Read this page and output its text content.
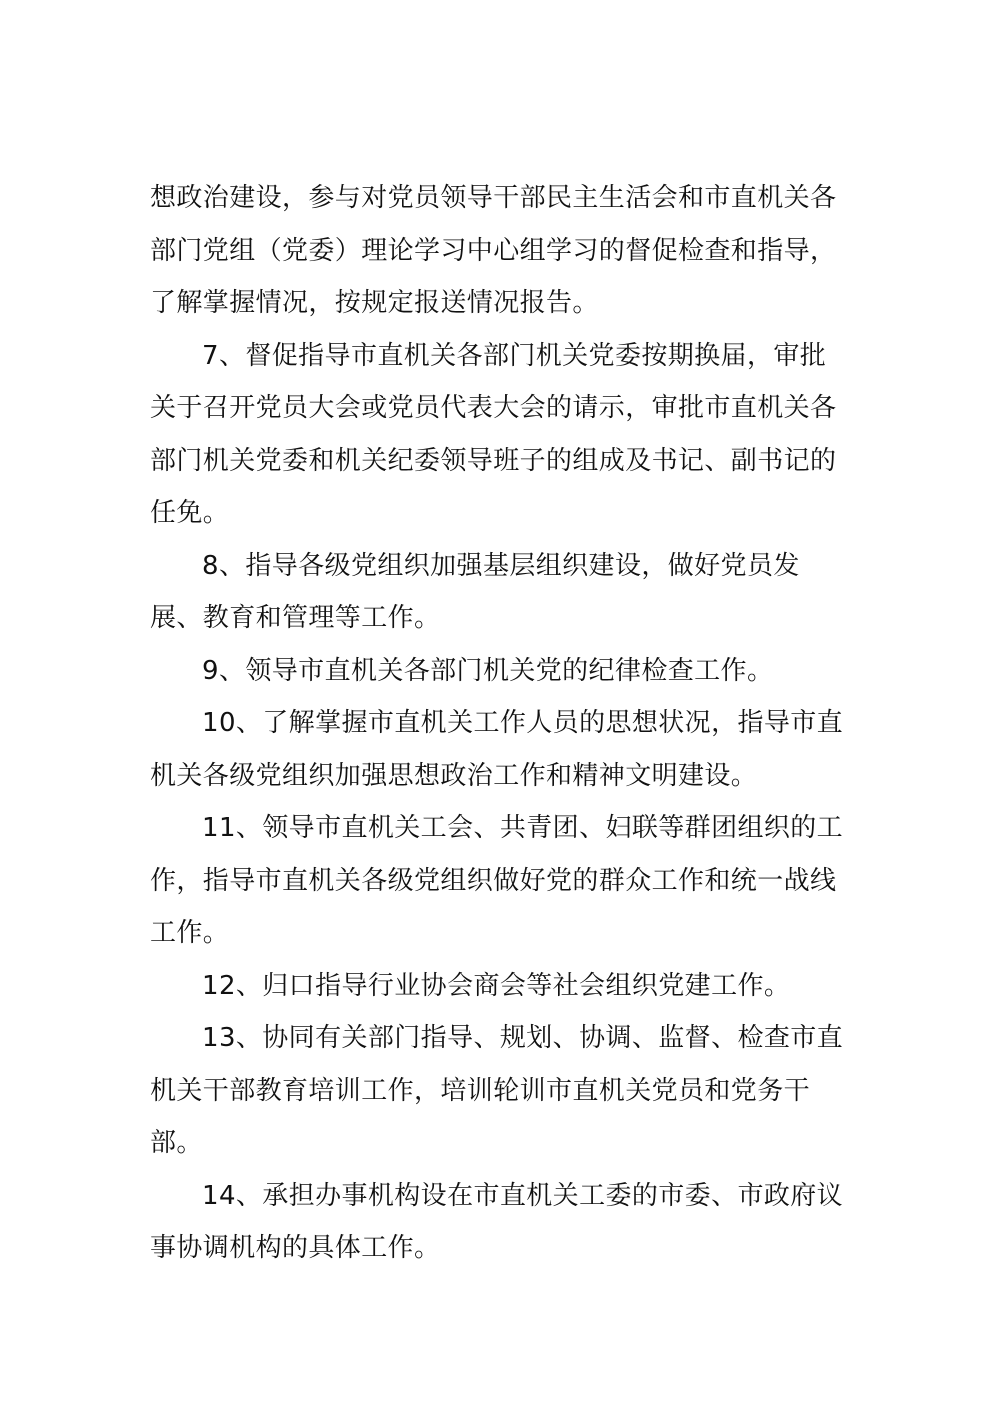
想政治建设，参与对党员领导干部民主生活会和市直机关各部门党组（党委）理论学习中心组学习的督促检查和指导，了解掌握情况，按规定报送情况报告。

7、督促指导市直机关各部门机关党委按期换届，审批关于召开党员大会或党员代表大会的请示，审批市直机关各部门机关党委和机关纪委领导班子的组成及书记、副书记的任免。

8、指导各级党组织加强基层组织建设，做好党员发展、教育和管理等工作。

9、领导市直机关各部门机关党的纪律检查工作。

10、了解掌握市直机关工作人员的思想状况，指导市直机关各级党组织加强思想政治工作和精神文明建设。

11、领导市直机关工会、共青团、妇联等群团组织的工作，指导市直机关各级党组织做好党的群众工作和统一战线工作。

12、归口指导行业协会商会等社会组织党建工作。

13、协同有关部门指导、规划、协调、监督、检查市直机关干部教育培训工作，培训轮训市直机关党员和党务干部。

14、承担办事机构设在市直机关工委的市委、市政府议事协调机构的具体工作。
